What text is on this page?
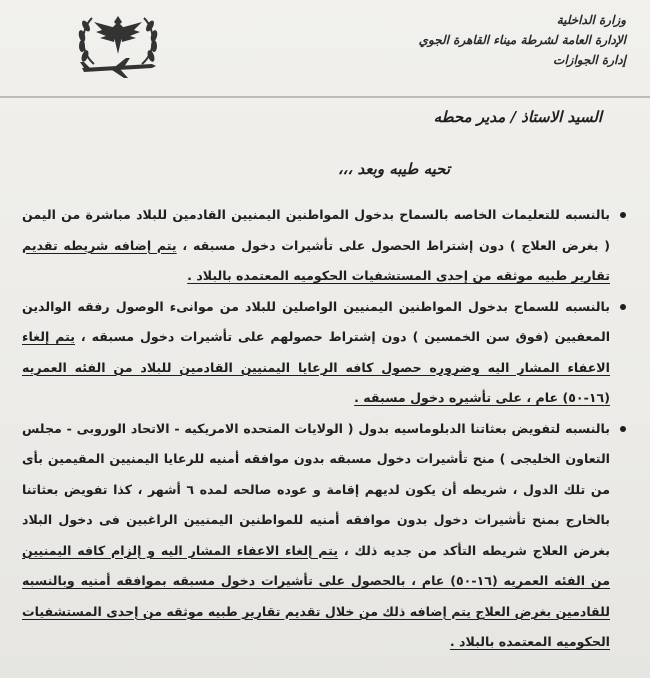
وزارة الداخلية
الإدارة العامة لشرطة ميناء القاهرة الجوي
إدارة الجوازات
السيد الاستاذ / مدير محطه
تحيه طيبه وبعد ،،،
بالنسبه للتعليمات الخاصه بالسماح بدخول المواطنين اليمنيين القادمين للبلاد مباشرة من اليمن ( بغرض العلاج ) دون إشتراط الحصول على تأشيرات دخول مسبقه ، يتم إضافه شريطه تقديم تقارير طبيه موثقه من إحدى المستشفيات الحكوميه المعتمده بالبلاد .
بالنسبه للسماح بدخول المواطنين اليمنيين الواصلين للبلاد من موانىء الوصول رفقه الوالدين المعفيين (فوق سن الخمسين ) دون إشتراط حصولهم على تأشيرات دخول مسبقه ، يتم إلغاء الاعفاء المشار اليه وضروره حصول كافه الرعايا اليمنيين القادمين للبلاد من الفئه العمريه (١٦-٥٠) عام ، على تأشيره دخول مسبقه .
بالنسبه لتفويض بعثاتنا الدبلوماسيه بدول ( الولايات المتحده الامريكيه - الاتحاد الوروبى - مجلس التعاون الخليجى ) منح تأشيرات دخول مسبقه بدون موافقه أمنيه للرعايا اليمنيين المقيمين بأى من تلك الدول ، شريطه أن يكون لديهم إقامة و عوده صالحه لمده ٦ أشهر ، كذا تفويض بعثاتنا بالخارج بمنح تأشيرات دخول بدون موافقه أمنيه للمواطنين اليمنيين الراغبين فى دخول البلاد بغرض العلاج شريطه التأكد من جديه ذلك ، يتم إلغاء الاعفاء المشار اليه و إلزام كافه اليمنيين من الفئه العمريه (١٦-٥٠) عام ، بالحصول على تأشيرات دخول مسبقه بموافقه أمنيه وبالنسبه للقادمين بغرض العلاج يتم إضافه ذلك من خلال تقديم تقارير طبيه موثقه من إحدى المستشفيات الحكوميه المعتمده بالبلاد .
